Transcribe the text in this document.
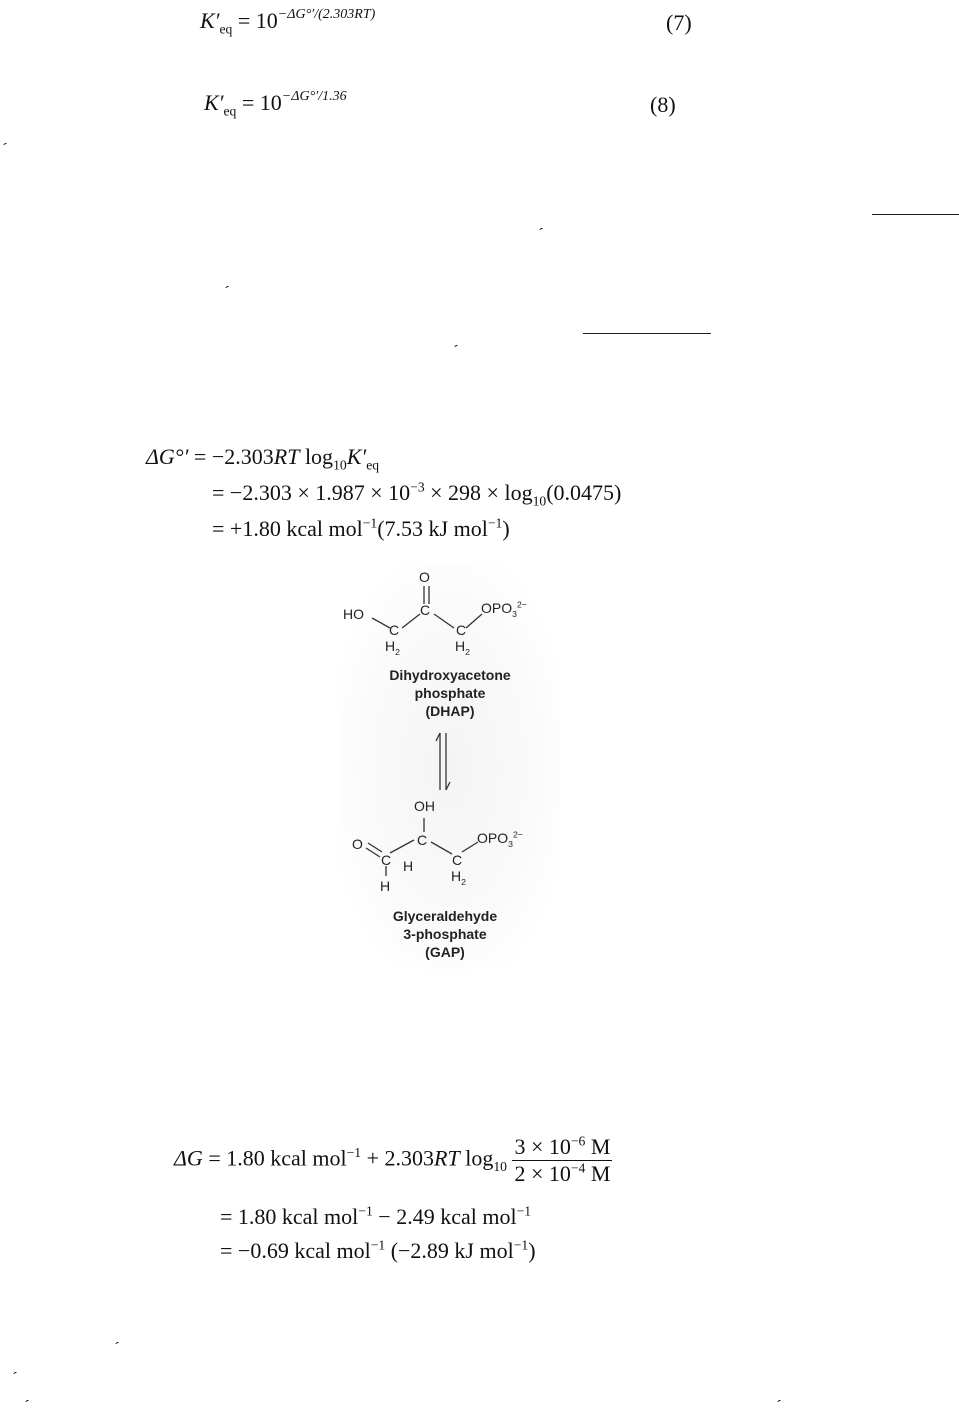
$K'_{eq} = 10^{-\Delta G^\circ'/(2.303RT)}$	(7)
$K'_{eq} = 10^{-\Delta G^\circ'/1.36}$	(8)
ˏ
ˏ
ˏ
ˏ
ΔG°′ = −2.303RT $\log_{10}K'_{eq}$
= $-2.303 \times 1.987 \times 10^{-3} \times 298 \times \log_{10}(0.0475)$
= +1.80 kcal mol$^{-1}$(7.53 kJ mol$^{-1}$)
O
HO	C
C	C
$OPO_3^{2-}$
$H_2$	$H_2$
Dihydroxyacetone
phosphate
(DHAP)
OH
O	C
C H	C
$OPO_3^{2-}$
$H_2$
H
Glyceraldehyde
3-phosphate
(GAP)
ΔG = 1.80 kcal mol$^{-1}$ + 2.303RT $\log_{10} \frac{3 \times 10^{-6} M}{2 \times 10^{-4} M}$
= 1.80 kcal mol$^{-1}$ − 2.49 kcal mol$^{-1}$
= −0.69 kcal mol$^{-1}$ (−2.89 kJ mol$^{-1}$)
ˏ
ˏ
ˏ	ˏ
